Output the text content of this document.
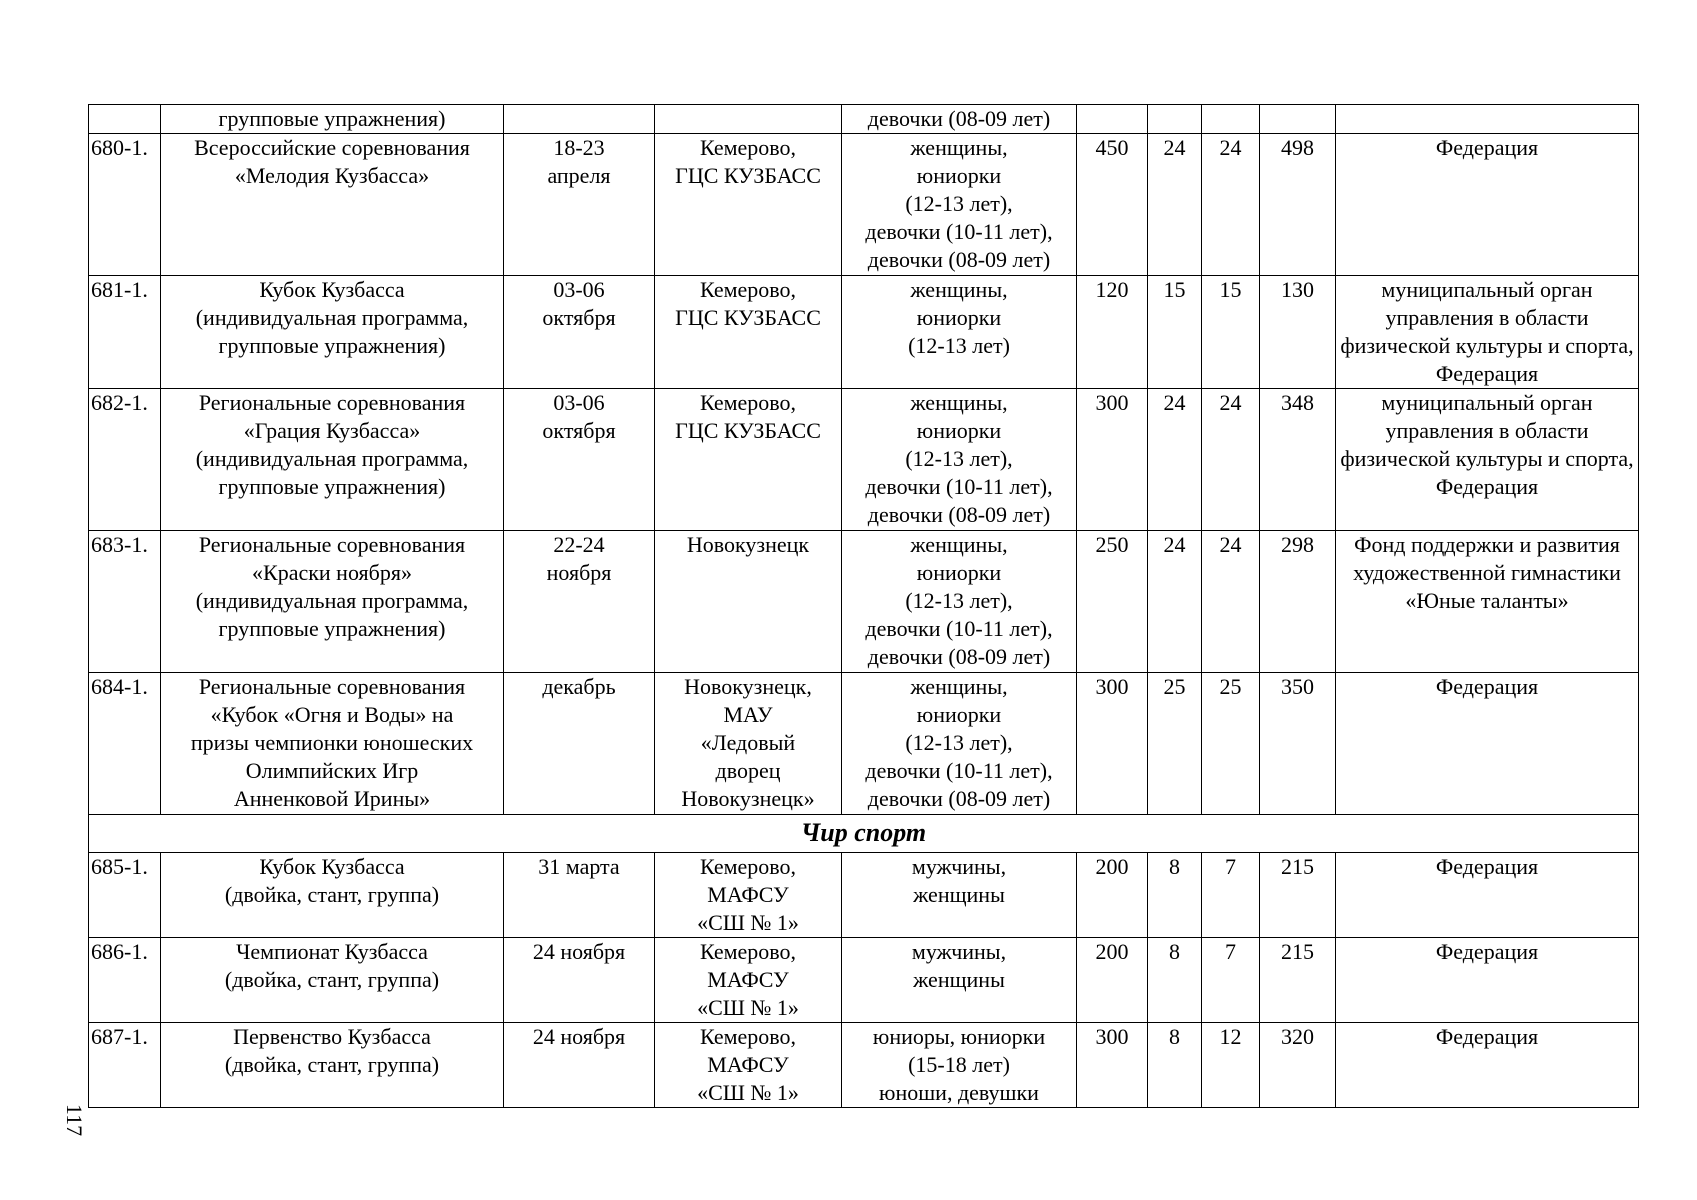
	групповые упражнения)			девочки (08-09 лет)					

680-1.	Всероссийские соревнования
«Мелодия Кузбасса»	18-23
апреля	Кемерово,
ГЦС КУЗБАСС	женщины,
юниорки
(12-13 лет),
девочки (10-11 лет),
девочки (08-09 лет)	450	24	24	498	Федерация
681-1.	Кубок Кузбасса
(индивидуальная программа,
групповые упражнения)	03-06
октября	Кемерово,
ГЦС КУЗБАСС	женщины,
юниорки
(12-13 лет)	120	15	15	130	муниципальный орган управления в области физической культуры и спорта, Федерация
682-1.	Региональные соревнования
«Грация Кузбасса»
(индивидуальная программа,
групповые упражнения)	03-06
октября	Кемерово,
ГЦС КУЗБАСС	женщины,
юниорки
(12-13 лет),
девочки (10-11 лет),
девочки (08-09 лет)	300	24	24	348	муниципальный орган управления в области физической культуры и спорта, Федерация
683-1.	Региональные соревнования
«Краски ноября»
(индивидуальная программа,
групповые упражнения)	22-24
ноября	Новокузнецк	женщины,
юниорки
(12-13 лет),
девочки (10-11 лет),
девочки (08-09 лет)	250	24	24	298	Фонд поддержки и развития художественной гимнастики «Юные таланты»
684-1.	Региональные соревнования
«Кубок «Огня и Воды» на
призы чемпионки юношеских
Олимпийских Игр
Анненковой Ирины»	декабрь	Новокузнецк,
МАУ
«Ледовый
дворец
Новокузнецк»	женщины,
юниорки
(12-13 лет),
девочки (10-11 лет),
девочки (08-09 лет)	300	25	25	350	Федерация
Чир спорт									
685-1.	Кубок Кузбасса
(двойка, стант, группа)	31 марта	Кемерово,
МАФСУ
«СШ № 1»	мужчины,
женщины	200	8	7	215	Федерация
686-1.	Чемпионат Кузбасса
(двойка, стант, группа)	24 ноября	Кемерово,
МАФСУ
«СШ № 1»	мужчины,
женщины	200	8	7	215	Федерация
687-1.	Первенство Кузбасса
(двойка, стант, группа)	24 ноября	Кемерово,
МАФСУ
«СШ № 1»	юниоры, юниорки
(15-18 лет)
юноши, девушки	300	8	12	320	Федерация
117
